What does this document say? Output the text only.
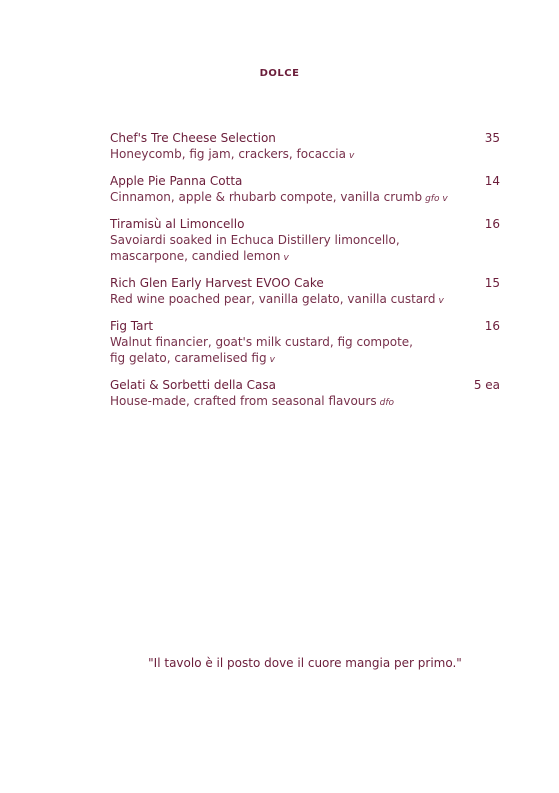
DOLCE
Chef's Tre Cheese Selection	35
Honeycomb, fig jam, crackers, focaccia v
Apple Pie Panna Cotta	14
Cinnamon, apple & rhubarb compote, vanilla crumb gfo v
Tiramisù al Limoncello	16
Savoiardi soaked in Echuca Distillery limoncello,
mascarpone, candied lemon v
Rich Glen Early Harvest EVOO Cake	15
Red wine poached pear, vanilla gelato, vanilla custard v
Fig Tart	16
Walnut financier, goat's milk custard, fig compote,
fig gelato, caramelised fig v
Gelati & Sorbetti della Casa	5 ea
House-made, crafted from seasonal flavours dfo
"Il tavolo è il posto dove il cuore mangia per primo."
